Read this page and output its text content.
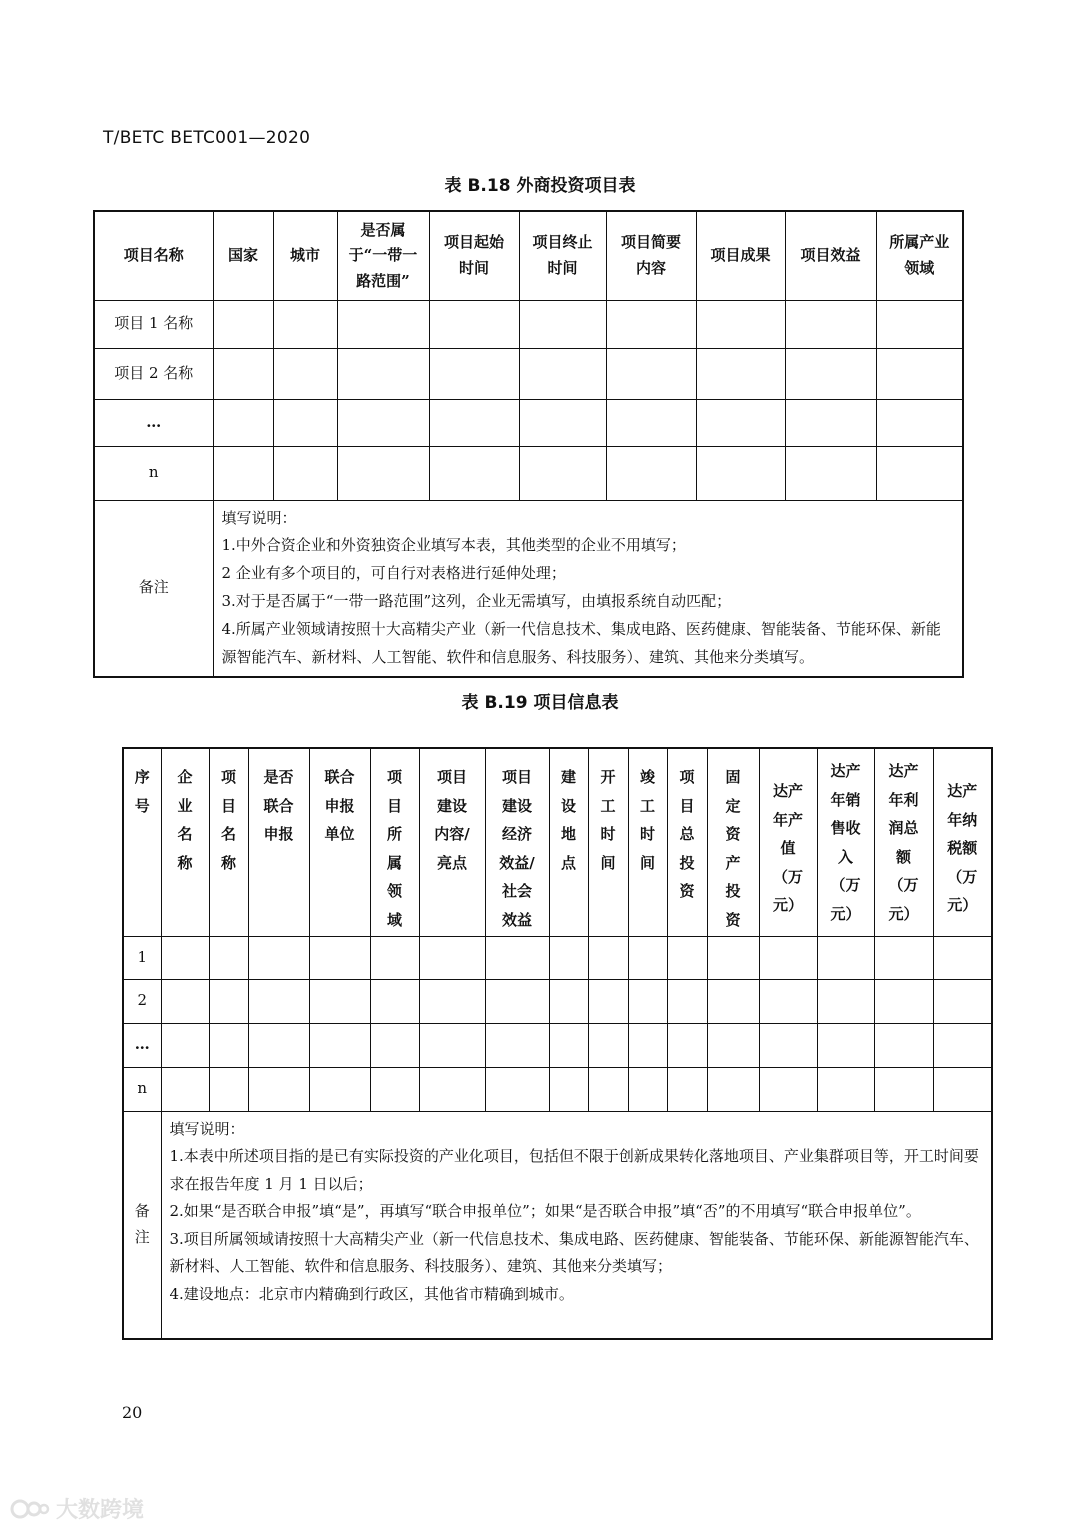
T/BETC BETC001—2020
表 B.18 外商投资项目表
项目名称	国家	城市	是否属于“一带一路范围”	项目起始时间	项目终止时间	项目简要内容	项目成果	项目效益	所属产业领域
项目 1 名称									
项目 2 名称									
…									
n									
备注	填写说明：
1.中外合资企业和外资独资企业填写本表，其他类型的企业不用填写；
2 企业有多个项目的，可自行对表格进行延伸处理；
3.对于是否属于“一带一路范围”这列，企业无需填写，由填报系统自动匹配；
4.所属产业领域请按照十大高精尖产业（新一代信息技术、集成电路、医药健康、智能装备、节能环保、新能源智能汽车、新材料、人工智能、软件和信息服务、科技服务）、建筑、其他来分类填写。								
表 B.19 项目信息表
序号	企业名称	项目名称	是否联合申报	联合申报单位	项目所属领域	项目建设内容/亮点	项目建设经济效益/社会效益	建设地点	开工时间	竣工时间	项目总投资	固定资产投资	达产年产值（万元）	达产年销售收入（万元）	达产年利润总额（万元）	达产年纳税额（万元）
1																
2																
…																
n																
备注	填写说明：
1.本表中所述项目指的是已有实际投资的产业化项目，包括但不限于创新成果转化落地项目、产业集群项目等，开工时间要求在报告年度 1 月 1 日以后；
2.如果“是否联合申报”填“是”，再填写“联合申报单位”；如果“是否联合申报”填“否”的不用填写“联合申报单位”。
3.项目所属领域请按照十大高精尖产业（新一代信息技术、集成电路、医药健康、智能装备、节能环保、新能源智能汽车、新材料、人工智能、软件和信息服务、科技服务）、建筑、其他来分类填写；
4.建设地点：北京市内精确到行政区，其他省市精确到城市。															
20
大数跨境
